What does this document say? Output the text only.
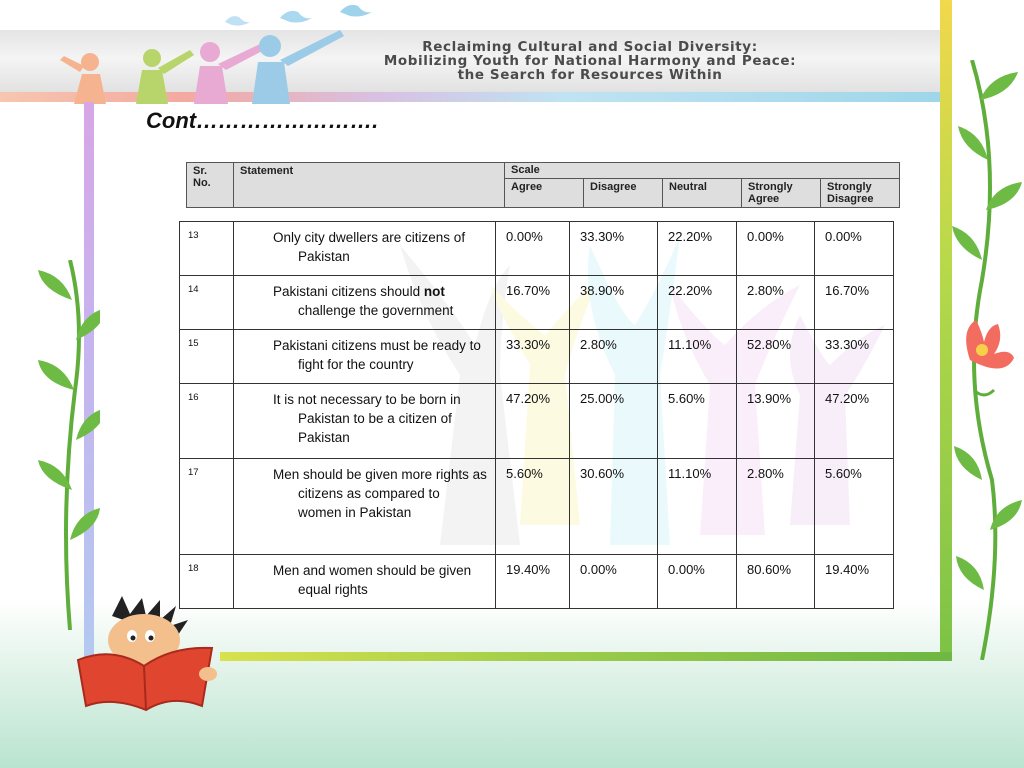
Reclaiming Cultural and Social Diversity:
Mobilizing Youth for National Harmony and Peace:
the Search for Resources Within
Cont…………………….
Sr. No.	Statement	Scale				
		Agree	Disagree	Neutral	Strongly Agree	Strongly Disagree
13	Only city dwellers are citizens of Pakistan	0.00%	33.30%	22.20%	0.00%	0.00%
14	Pakistani citizens should not challenge the government	16.70%	38.90%	22.20%	2.80%	16.70%
15	Pakistani citizens must be ready to fight for the country	33.30%	2.80%	11.10%	52.80%	33.30%
16	It is not necessary to be born in Pakistan to be a citizen of Pakistan	47.20%	25.00%	5.60%	13.90%	47.20%
17	Men should be given more rights as citizens as compared to women in Pakistan	5.60%	30.60%	11.10%	2.80%	5.60%
18	Men and women should be given equal rights	19.40%	0.00%	0.00%	80.60%	19.40%
